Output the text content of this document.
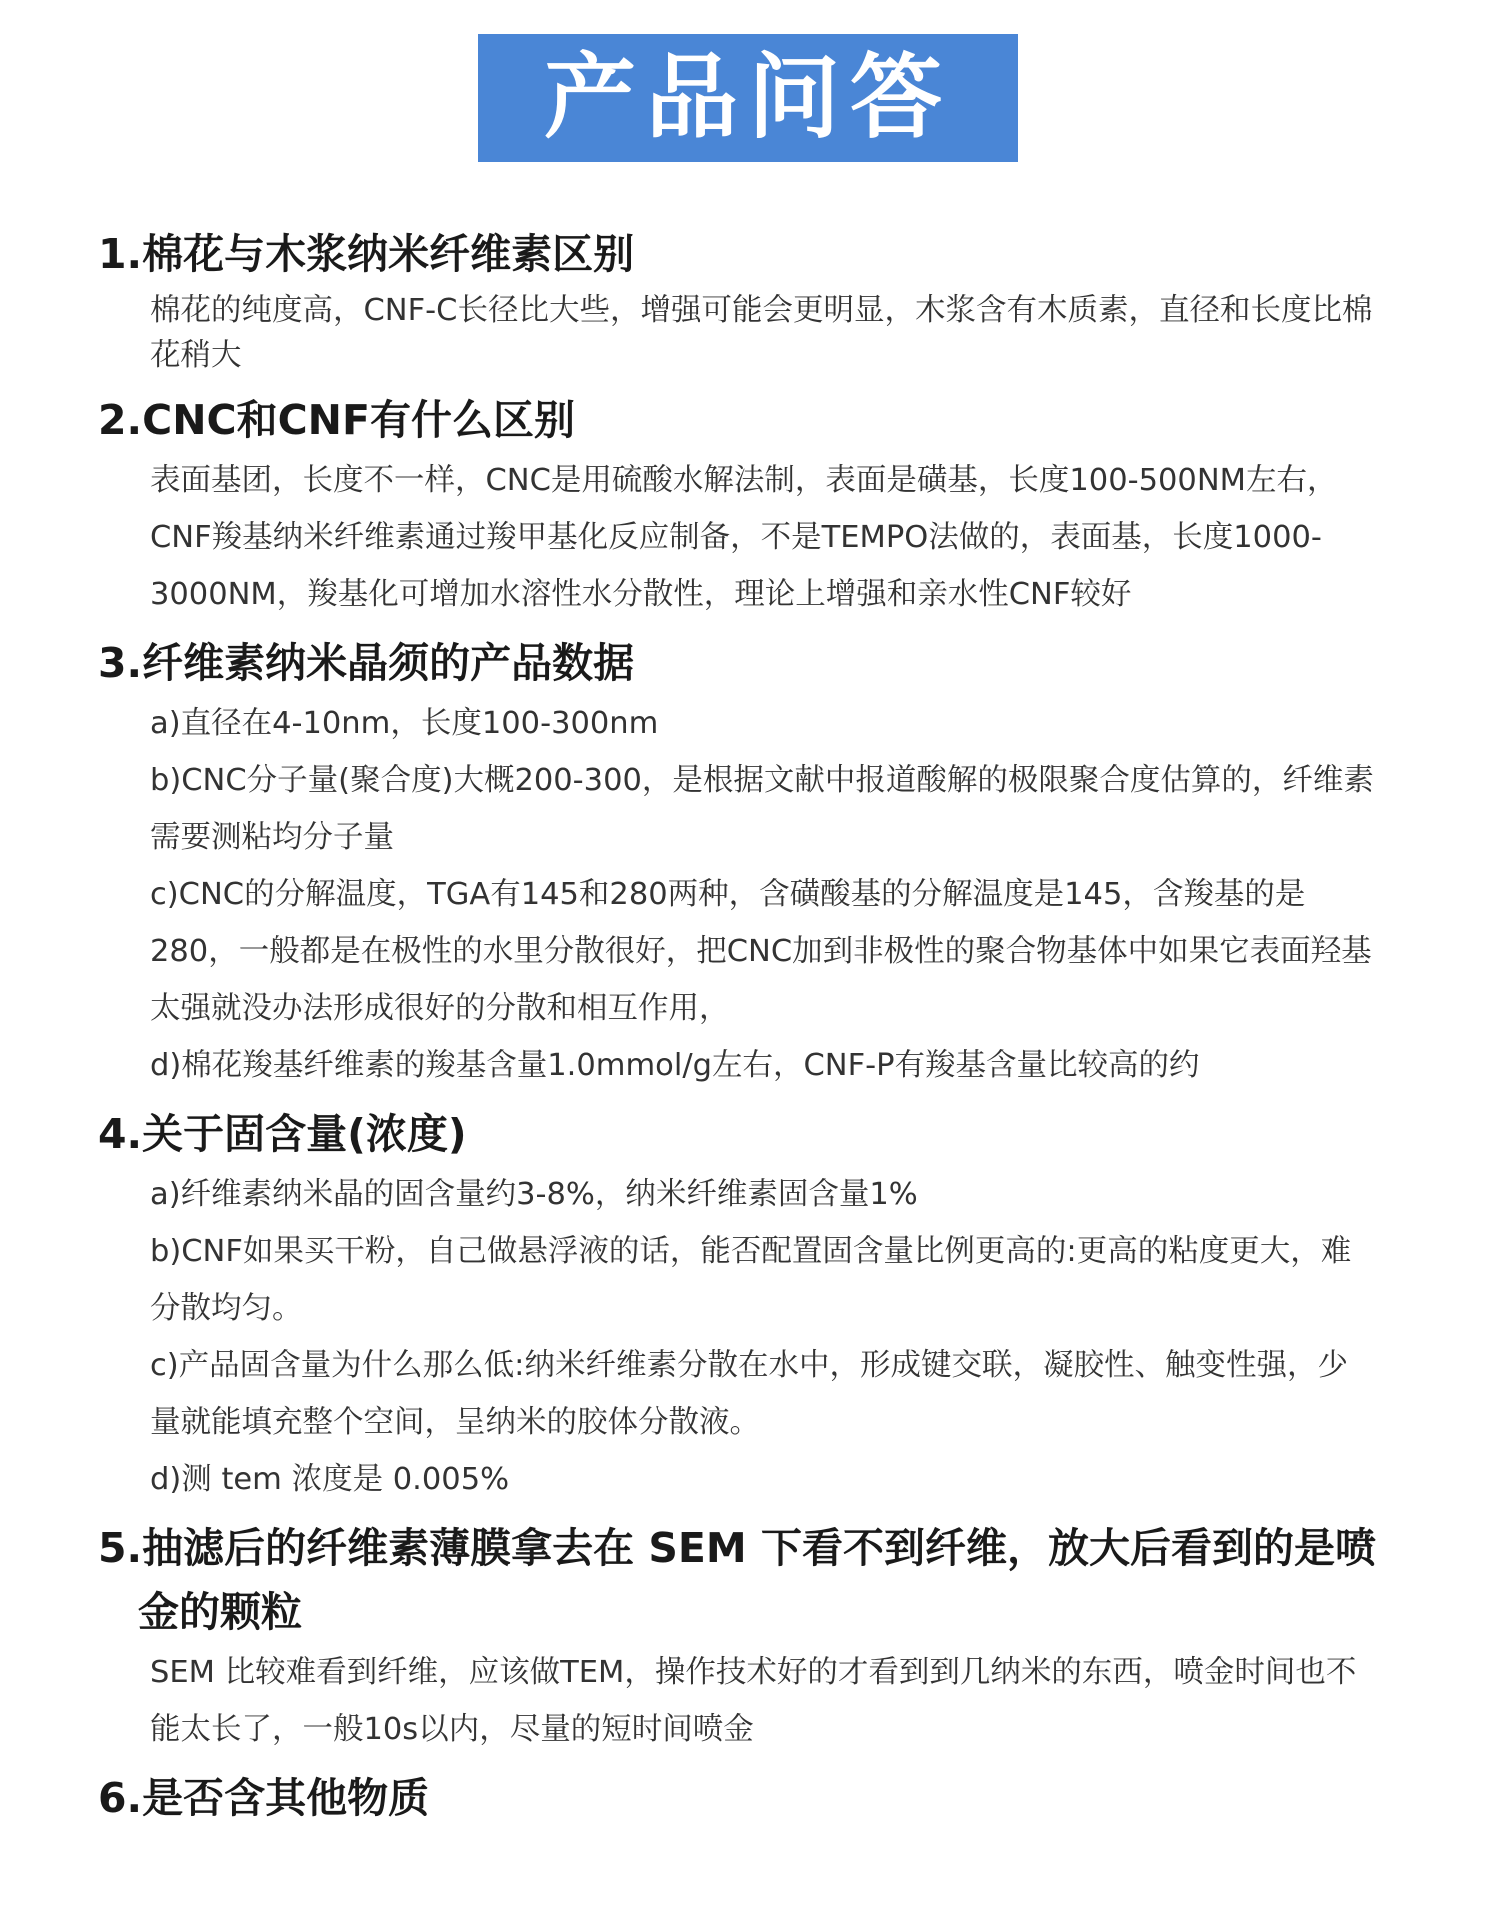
产品问答

1.棉花与木浆纳米纤维素区别

棉花的纯度高，CNF-C长径比大些，增强可能会更明显，木浆含有木质素，直径和长度比棉花稍大

2.CNC和CNF有什么区别

表面基团，长度不一样，CNC是用硫酸水解法制，表面是磺基，长度100-500NM左右，CNF羧基纳米纤维素通过羧甲基化反应制备，不是TEMPO法做的，表面基，长度1000-3000NM，羧基化可增加水溶性水分散性，理论上增强和亲水性CNF较好

3.纤维素纳米晶须的产品数据

a)直径在4-10nm，长度100-300nm

b)CNC分子量(聚合度)大概200-300，是根据文献中报道酸解的极限聚合度估算的，纤维素需要测粘均分子量

c)CNC的分解温度，TGA有145和280两种，含磺酸基的分解温度是145，含羧基的是280，一般都是在极性的水里分散很好，把CNC加到非极性的聚合物基体中如果它表面羟基太强就没办法形成很好的分散和相互作用，

d)棉花羧基纤维素的羧基含量1.0mmol/g左右，CNF-P有羧基含量比较高的约

4.关于固含量(浓度)

a)纤维素纳米晶的固含量约3-8%，纳米纤维素固含量1%

b)CNF如果买干粉，自己做悬浮液的话，能否配置固含量比例更高的:更高的粘度更大，难分散均匀。

c)产品固含量为什么那么低:纳米纤维素分散在水中，形成键交联，凝胶性、触变性强，少量就能填充整个空间，呈纳米的胶体分散液。

d)测 tem 浓度是 0.005%

5.抽滤后的纤维素薄膜拿去在 SEM 下看不到纤维，放大后看到的是喷金的颗粒

SEM 比较难看到纤维，应该做TEM，操作技术好的才看到到几纳米的东西，喷金时间也不能太长了，一般10s以内，尽量的短时间喷金

6.是否含其他物质
